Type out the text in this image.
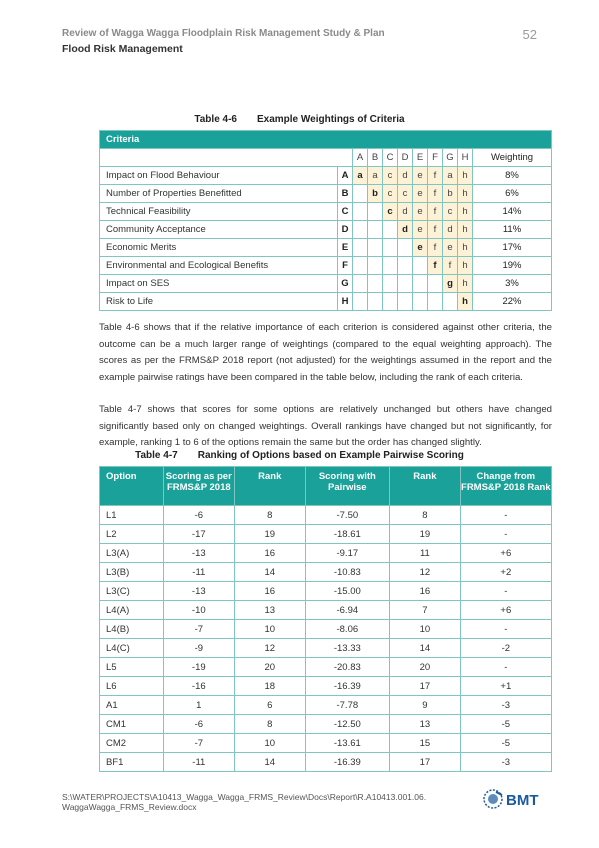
Review of Wagga Wagga Floodplain Risk Management Study & Plan
Flood Risk Management
52
Table 4-6 Example Weightings of Criteria
Criteria										
		A	B	C	D	E	F	G	H	Weighting
Impact on Flood Behaviour	A	a	a	c	d	e	f	a	h	8%
Number of Properties Benefitted	B		b	c	c	e	f	b	h	6%
Technical Feasibility	C			c	d	e	f	c	h	14%
Community Acceptance	D				d	e	f	d	h	11%
Economic Merits	E					e	f	e	h	17%
Environmental and Ecological Benefits	F						f	f	h	19%
Impact on SES	G							g	h	3%
Risk to Life	H								h	22%
Table 4-6 shows that if the relative importance of each criterion is considered against other criteria, the outcome can be a much larger range of weightings (compared to the equal weighting approach). The scores as per the FRMS&P 2018 report (not adjusted) for the weightings assumed in the report and the example pairwise ratings have been compared in the table below, including the rank of each criteria.
Table 4-7 shows that scores for some options are relatively unchanged but others have changed significantly based only on changed weightings. Overall rankings have changed but not significantly, for example, ranking 1 to 6 of the options remain the same but the order has changed slightly.
Table 4-7 Ranking of Options based on Example Pairwise Scoring
Option	Scoring as per FRMS&P 2018	Rank	Scoring with Pairwise	Rank	Change from FRMS&P 2018 Rank
L1	-6	8	-7.50	8	-
L2	-17	19	-18.61	19	-
L3(A)	-13	16	-9.17	11	+6
L3(B)	-11	14	-10.83	12	+2
L3(C)	-13	16	-15.00	16	-
L4(A)	-10	13	-6.94	7	+6
L4(B)	-7	10	-8.06	10	-
L4(C)	-9	12	-13.33	14	-2
L5	-19	20	-20.83	20	-
L6	-16	18	-16.39	17	+1
A1	1	6	-7.78	9	-3
CM1	-6	8	-12.50	13	-5
CM2	-7	10	-13.61	15	-5
BF1	-11	14	-16.39	17	-3
S:\WATER\PROJECTS\A10413_Wagga_Wagga_FRMS_Review\Docs\Report\R.A10413.001.06.
WaggaWagga_FRMS_Review.docx	BMT
